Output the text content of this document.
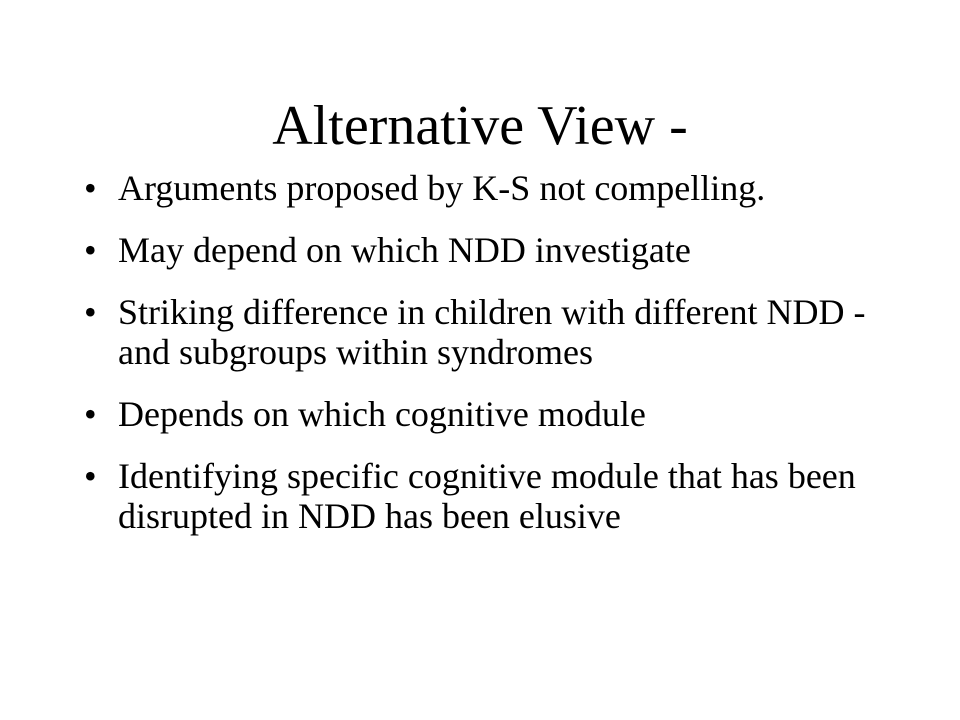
Alternative View -
• Arguments proposed by K-S not compelling.
• May depend on which NDD investigate
• Striking difference in children with different NDD - and subgroups within syndromes
• Depends on which cognitive module
• Identifying specific cognitive module that has been disrupted in NDD has been elusive
